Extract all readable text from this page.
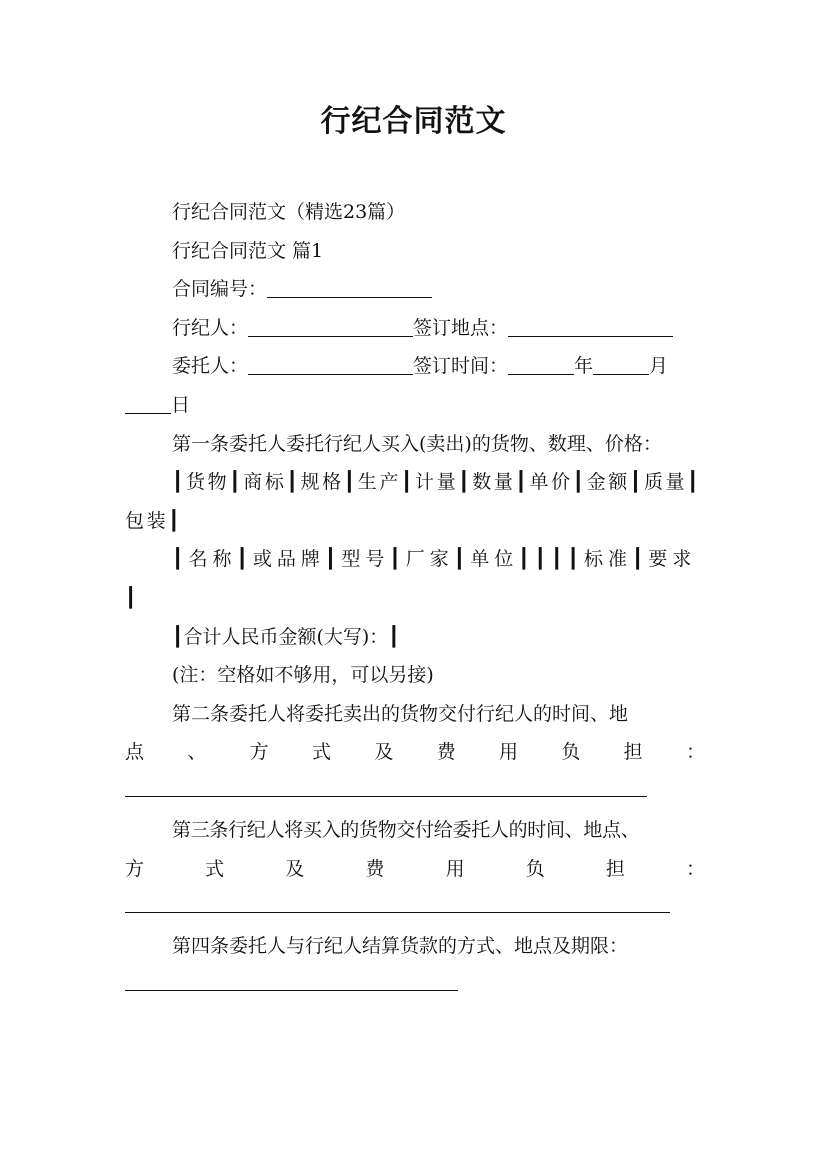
行纪合同范文

行纪合同范文（精选23篇）

行纪合同范文 篇1

合同编号：

行纪人：	签订地点：

委托人：	签订时间：	年	月

日

第一条委托人委托行纪人买入(卖出)的货物、数理、价格：

┃货物┃商标┃规格┃生产┃计量┃数量┃单价┃金额┃质量┃包装┃

┃名称┃或品牌┃型号┃厂家┃单位┃┃┃┃标准┃要求┃

┃合计人民币金额(大写)：┃

(注：空格如不够用，可以另接)

第二条委托人将委托卖出的货物交付行纪人的时间、地

点、方式及费用负担：

第三条行纪人将买入的货物交付给委托人的时间、地点、

方式及费用负担：

第四条委托人与行纪人结算货款的方式、地点及期限：
